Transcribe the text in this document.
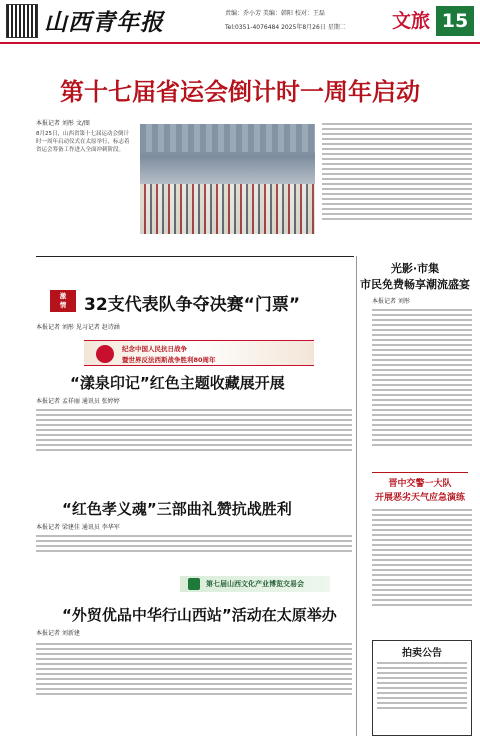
山西青年报	责编：乔小芳 美编：韩阳 校对：王磊
Tel:0351-4076484 2025年8月26日 星期二 文旅 15
第十七届省运会倒计时一周年启动
本报记者 刘彤 文/图
8月25日，山西省第十七届运动会倒计时一周年启动仪式在太原举行，标志着省运会筹备工作进入全面冲刺阶段。
激
情	32支代表队争夺决赛“门票”
本报记者 刘彤 见习记者 赵诗涵
光影·市集
市民免费畅享潮流盛宴
本报记者 刘彤
纪念中国人民抗日战争
暨世界反法西斯战争胜利80周年
“漾泉印记”红色主题收藏展开展
本报记者 孟祥丽 通讯员 张婷婷
晋中交警一大队
开展恶劣天气应急演练
“红色孝义魂”三部曲礼赞抗战胜利
本报记者 梁建佳 通讯员 李华军
第七届山西文化产业博览交易会
“外贸优品中华行山西站”活动在太原举办
本报记者 刘新建
拍卖公告
